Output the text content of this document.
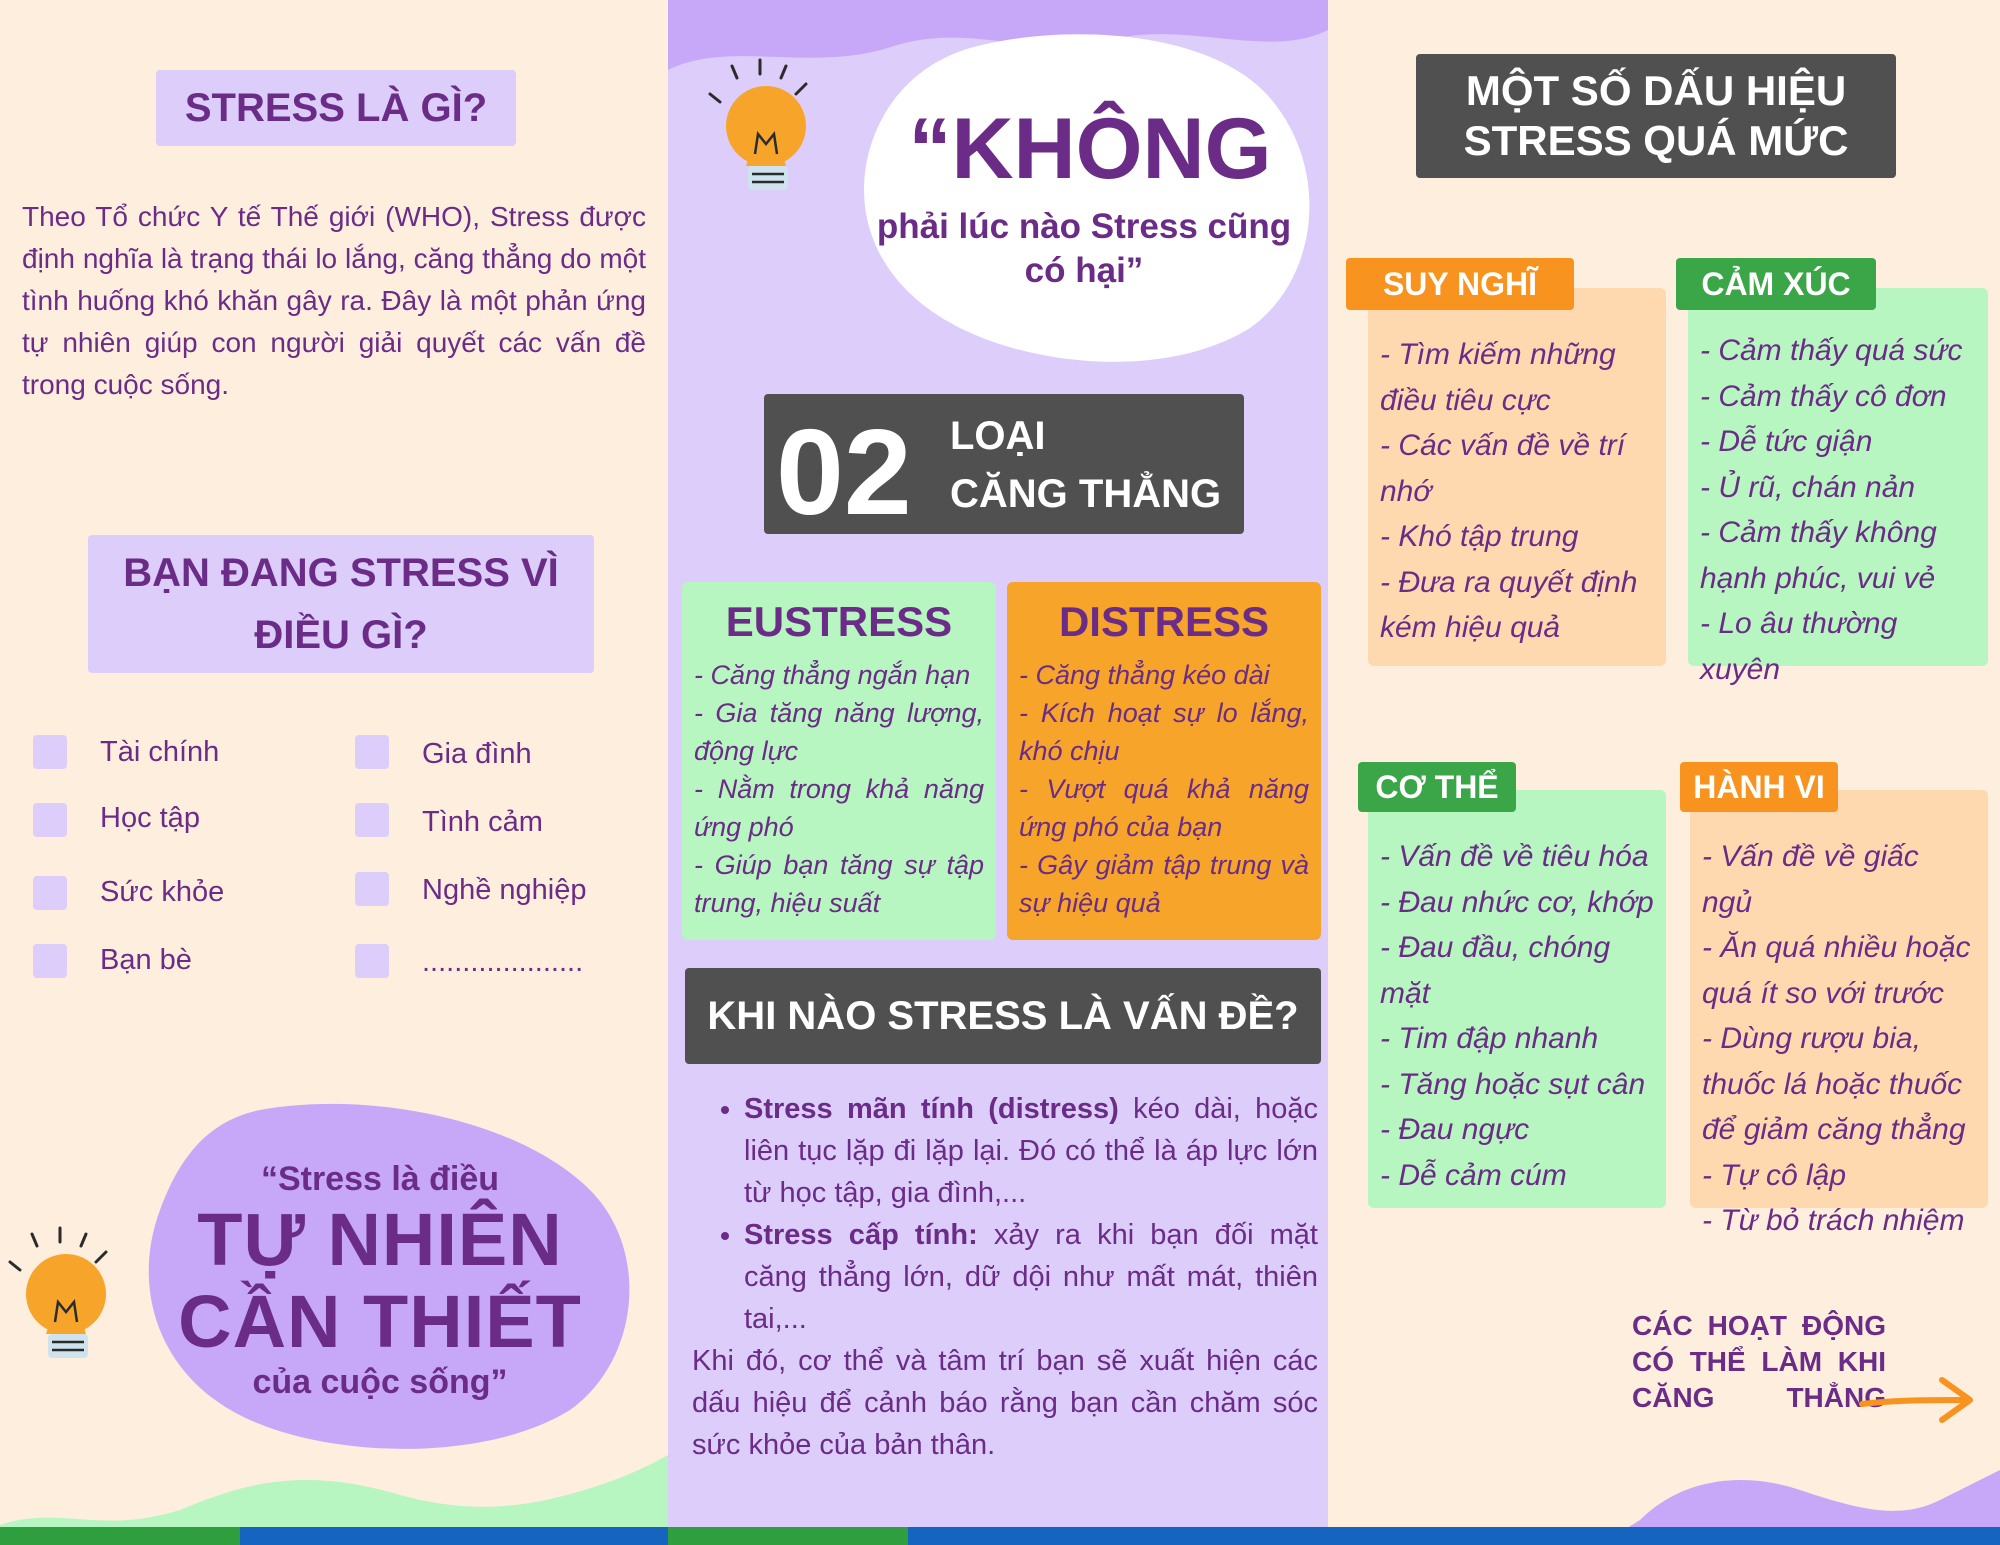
STRESS LÀ GÌ?
Theo Tổ chức Y tế Thế giới (WHO), Stress được định nghĩa là trạng thái lo lắng, căng thẳng do một tình huống khó khăn gây ra. Đây là một phản ứng tự nhiên giúp con người giải quyết các vấn đề trong cuộc sống.
BẠN ĐANG STRESS VÌ
ĐIỀU GÌ?
Tài chính	Gia đình
Học tập	Tình cảm
Sức khỏe	Nghề nghiệp
Bạn bè	....................
“Stress là điều
TỰ NHIÊN
CẦN THIẾT
của cuộc sống”
“KHÔNG
phải lúc nào Stress cũng có hại”
02 LOẠI
CĂNG THẲNG
EUSTRESS
- Căng thẳng ngắn hạn
- Gia tăng năng lượng, động lực
- Nằm trong khả năng ứng phó
- Giúp bạn tăng sự tập trung, hiệu suất
DISTRESS
- Căng thẳng kéo dài
- Kích hoạt sự lo lắng, khó chịu
- Vượt quá khả năng ứng phó của bạn
- Gây giảm tập trung và sự hiệu quả
KHI NÀO STRESS LÀ VẤN ĐỀ?
• Stress mãn tính (distress) kéo dài, hoặc liên tục lặp đi lặp lại. Đó có thể là áp lực lớn từ học tập, gia đình,...
• Stress cấp tính: xảy ra khi bạn đối mặt căng thẳng lớn, dữ dội như mất mát, thiên tai,...
Khi đó, cơ thể và tâm trí bạn sẽ xuất hiện các dấu hiệu để cảnh báo rằng bạn cần chăm sóc sức khỏe của bản thân.
MỘT SỐ DẤU HIỆU
STRESS QUÁ MỨC
- Tìm kiếm những
điều tiêu cực
- Các vấn đề về trí
nhớ
- Khó tập trung
- Đưa ra quyết định
kém hiệu quả
SUY NGHĨ
- Cảm thấy quá sức
- Cảm thấy cô đơn
- Dễ tức giận
- Ủ rũ, chán nản
- Cảm thấy không
hạnh phúc, vui vẻ
- Lo âu thường xuyên
CẢM XÚC
- Vấn đề về tiêu hóa
- Đau nhức cơ, khớp
- Đau đầu, chóng
mặt
- Tim đập nhanh
- Tăng hoặc sụt cân
- Đau ngực
- Dễ cảm cúm
CƠ THỂ
- Vấn đề về giấc ngủ
- Ăn quá nhiều hoặc
quá ít so với trước
- Dùng rượu bia,
thuốc lá hoặc thuốc
để giảm căng thẳng
- Tự cô lập
- Từ bỏ trách nhiệm
HÀNH VI
CÁC HOẠT ĐỘNG
CÓ THỂ LÀM KHI
CĂNG THẲNG
